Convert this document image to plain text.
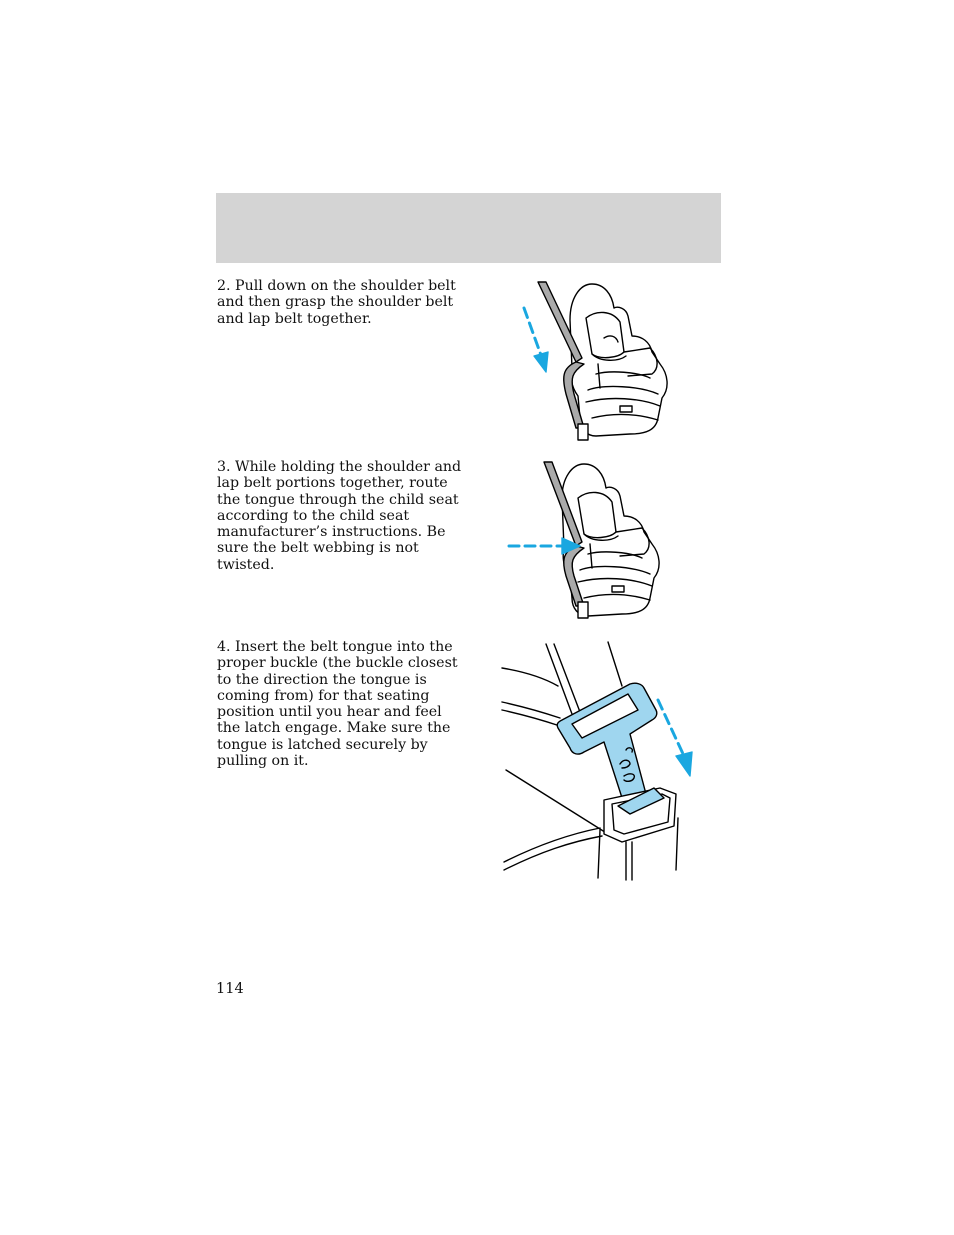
2. Pull down on the shoulder belt and then grasp the shoulder belt and lap belt together.

3. While holding the shoulder and lap belt portions together, route the tongue through the child seat according to the child seat manufacturer’s instructions. Be sure the belt webbing is not twisted.

4. Insert the belt tongue into the proper buckle (the buckle closest to the direction the tongue is coming from) for that seating position until you hear and feel the latch engage. Make sure the tongue is latched securely by pulling on it.

114
